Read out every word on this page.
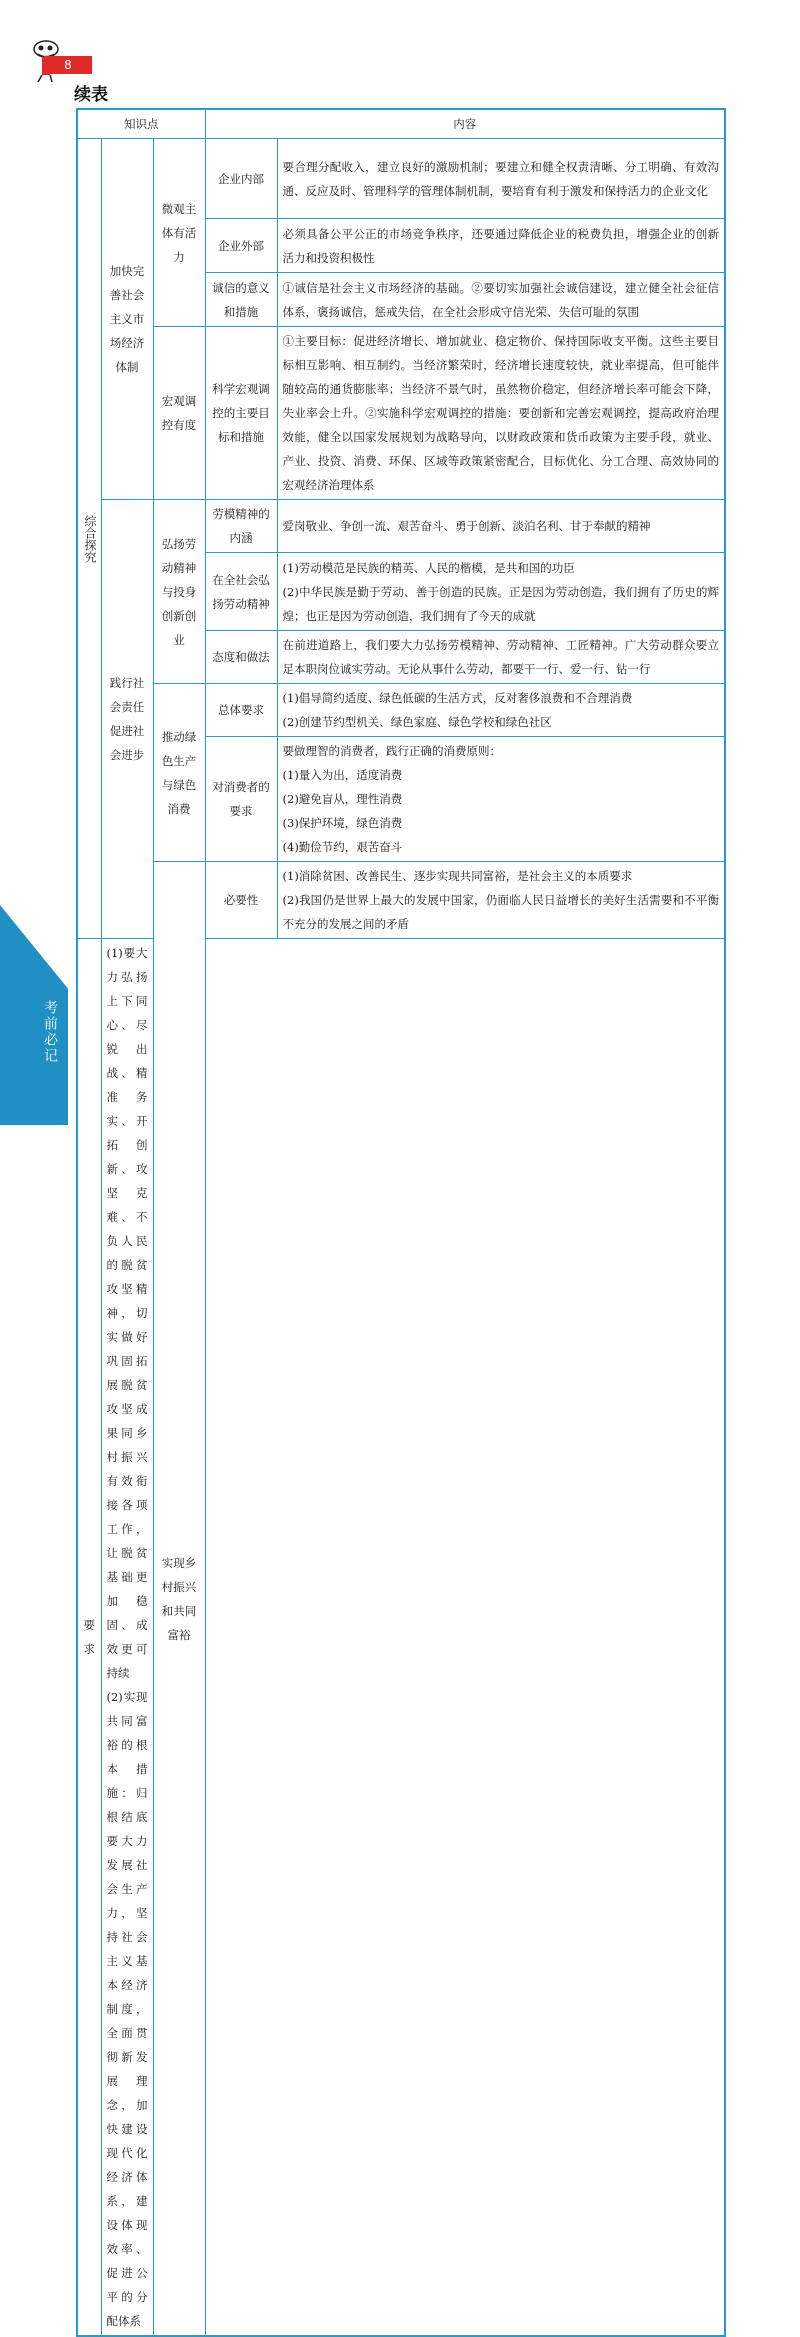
8
续表
考前必记
知识点			内容	

综合探究	加快完善社会主义市场经济体制	微观主体有活力	企业内部	要合理分配收入，建立良好的激励机制；要建立和健全权责清晰、分工明确、有效沟通、反应及时、管理科学的管理体制机制，要培育有利于激发和保持活力的企业文化
			企业外部	必须具备公平公正的市场竞争秩序，还要通过降低企业的税费负担，增强企业的创新活力和投资积极性
			诚信的意义和措施	①诚信是社会主义市场经济的基础。②要切实加强社会诚信建设，建立健全社会征信体系，褒扬诚信，惩戒失信，在全社会形成守信光荣、失信可耻的氛围

		宏观调控有度	科学宏观调控的主要目标和措施	①主要目标：促进经济增长、增加就业、稳定物价、保持国际收支平衡。这些主要目标相互影响、相互制约。当经济繁荣时，经济增长速度较快，就业率提高，但可能伴随较高的通货膨胀率；当经济不景气时，虽然物价稳定，但经济增长率可能会下降，失业率会上升。②实施科学宏观调控的措施：要创新和完善宏观调控，提高政府治理效能，健全以国家发展规划为战略导向，以财政政策和货币政策为主要手段，就业、产业、投资、消费、环保、区域等政策紧密配合，目标优化、分工合理、高效协同的宏观经济治理体系

	践行社会责任促进社会进步	弘扬劳动精神与投身创新创业	劳模精神的内涵	爱岗敬业、争创一流、艰苦奋斗、勇于创新、淡泊名利、甘于奉献的精神
			在全社会弘扬劳动精神	(1)劳动模范是民族的精英、人民的楷模，是共和国的功臣
(2)中华民族是勤于劳动、善于创造的民族。正是因为劳动创造，我们拥有了历史的辉煌；也正是因为劳动创造，我们拥有了今天的成就

			态度和做法	在前进道路上，我们要大力弘扬劳模精神、劳动精神、工匠精神。广大劳动群众要立足本职岗位诚实劳动。无论从事什么劳动，都要干一行、爱一行、钻一行

		推动绿色生产与绿色消费	总体要求	(1)倡导简约适度、绿色低碳的生活方式，反对奢侈浪费和不合理消费
(2)创建节约型机关、绿色家庭、绿色学校和绿色社区

			对消费者的要求	要做理智的消费者，践行正确的消费原则：
(1)量入为出，适度消费
(2)避免盲从，理性消费
(3)保护环境，绿色消费
(4)勤俭节约，艰苦奋斗

		实现乡村振兴和共同富裕	必要性	(1)消除贫困、改善民生、逐步实现共同富裕，是社会主义的本质要求
(2)我国仍是世界上最大的发展中国家，仍面临人民日益增长的美好生活需要和不平衡不充分的发展之间的矛盾

要求	(1)要大力弘扬上下同心、尽锐出战、精准务实、开拓创新、攻坚克难、不负人民的脱贫攻坚精神，切实做好巩固拓展脱贫攻坚成果同乡村振兴有效衔接各项工作，让脱贫基础更加稳固、成效更可持续
(2)实现共同富裕的根本措施：归根结底要大力发展社会生产力，坚持社会主义基本经济制度，全面贯彻新发展理念，加快建设现代化经济体系，建设体现效率、促进公平的分配体系			
